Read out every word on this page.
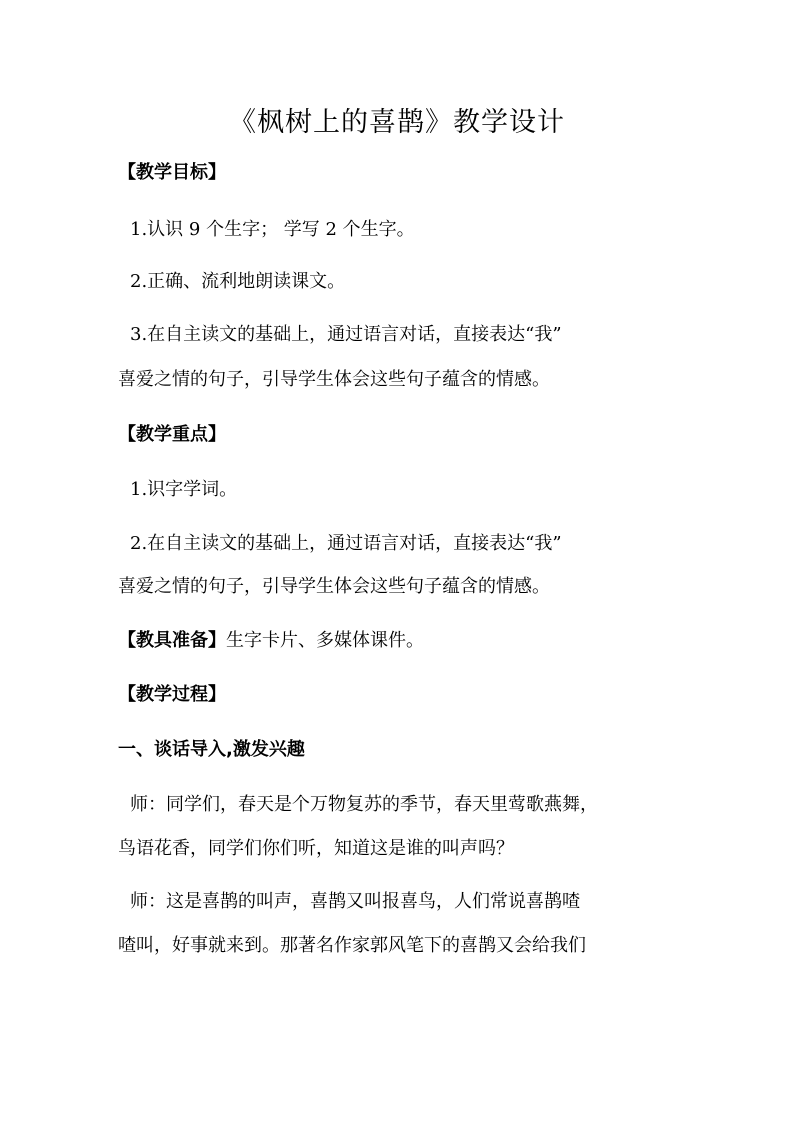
《枫树上的喜鹊》教学设计
【教学目标】
1.认识 9 个生字； 学写 2 个生字。
2.正确、流利地朗读课文。
3.在自主读文的基础上，通过语言对话，直接表达“我”
喜爱之情的句子，引导学生体会这些句子蕴含的情感。
【教学重点】
1.识字学词。
2.在自主读文的基础上，通过语言对话，直接表达“我”
喜爱之情的句子，引导学生体会这些句子蕴含的情感。
【教具准备】生字卡片、多媒体课件。
【教学过程】
一、谈话导入,激发兴趣
师：同学们，春天是个万物复苏的季节，春天里莺歌燕舞，
鸟语花香，同学们你们听，知道这是谁的叫声吗？
师：这是喜鹊的叫声，喜鹊又叫报喜鸟，人们常说喜鹊喳
喳叫，好事就来到。那著名作家郭风笔下的喜鹊又会给我们
